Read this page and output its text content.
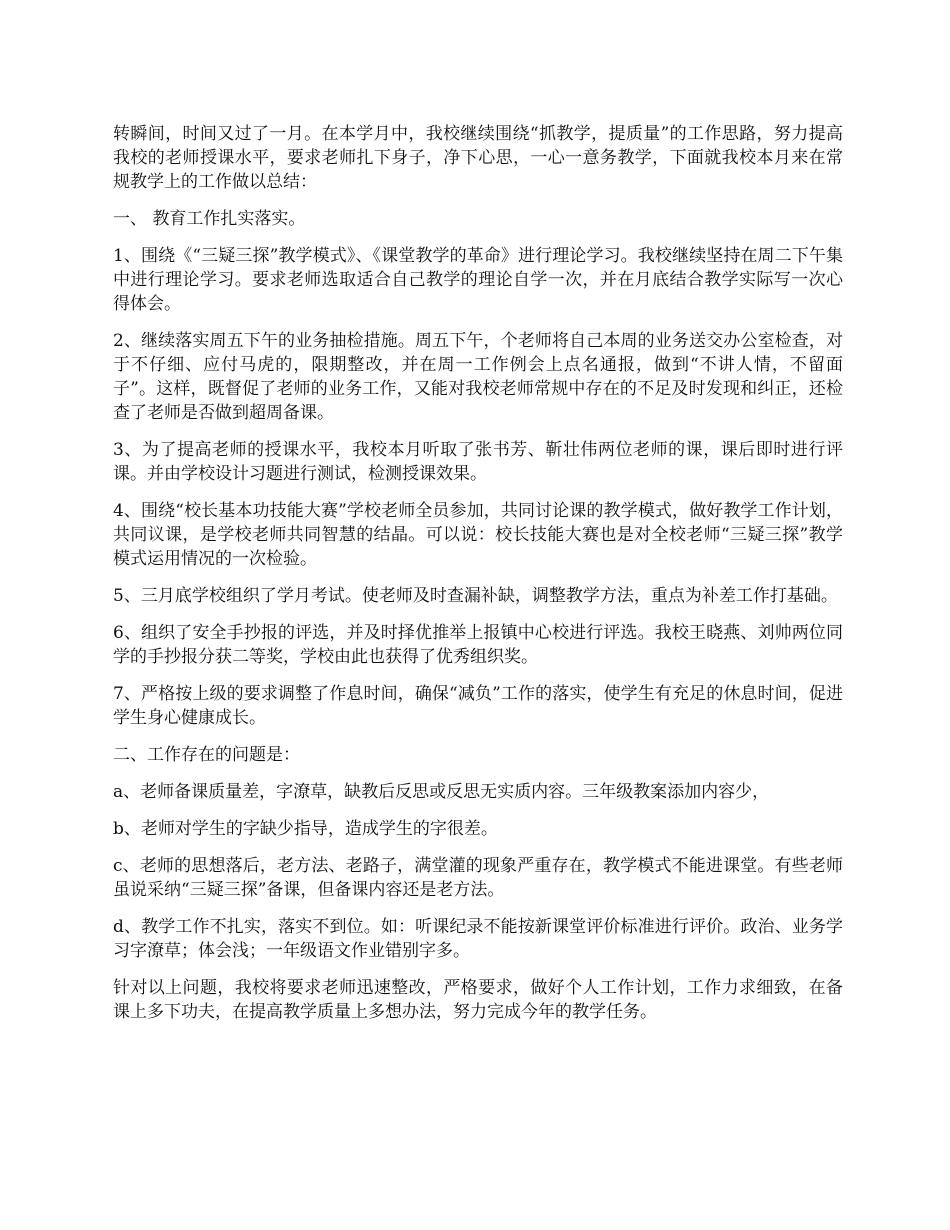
转瞬间，时间又过了一月。在本学月中，我校继续围绕“抓教学，提质量”的工作思路，努力提高我校的老师授课水平，要求老师扎下身子，净下心思，一心一意务教学，下面就我校本月来在常规教学上的工作做以总结：

一、 教育工作扎实落实。

1、围绕《“三疑三探”教学模式》、《课堂教学的革命》进行理论学习。我校继续坚持在周二下午集中进行理论学习。要求老师选取适合自己教学的理论自学一次，并在月底结合教学实际写一次心得体会。

2、继续落实周五下午的业务抽检措施。周五下午，个老师将自己本周的业务送交办公室检查，对于不仔细、应付马虎的，限期整改，并在周一工作例会上点名通报，做到“不讲人情，不留面子”。这样，既督促了老师的业务工作，又能对我校老师常规中存在的不足及时发现和纠正，还检查了老师是否做到超周备课。

3、为了提高老师的授课水平，我校本月听取了张书芳、靳壮伟两位老师的课，课后即时进行评课。并由学校设计习题进行测试，检测授课效果。

4、围绕“校长基本功技能大赛”学校老师全员参加，共同讨论课的教学模式，做好教学工作计划，共同议课，是学校老师共同智慧的结晶。可以说：校长技能大赛也是对全校老师“三疑三探”教学模式运用情况的一次检验。

5、三月底学校组织了学月考试。使老师及时查漏补缺，调整教学方法，重点为补差工作打基础。

6、组织了安全手抄报的评选，并及时择优推举上报镇中心校进行评选。我校王晓燕、刘帅两位同学的手抄报分获二等奖，学校由此也获得了优秀组织奖。

7、严格按上级的要求调整了作息时间，确保“减负”工作的落实，使学生有充足的休息时间，促进学生身心健康成长。

二、工作存在的问题是：

a、老师备课质量差，字潦草，缺教后反思或反思无实质内容。三年级教案添加内容少，

b、老师对学生的字缺少指导，造成学生的字很差。

c、老师的思想落后，老方法、老路子，满堂灌的现象严重存在，教学模式不能进课堂。有些老师虽说采纳“三疑三探”备课，但备课内容还是老方法。

d、教学工作不扎实，落实不到位。如：听课纪录不能按新课堂评价标准进行评价。政治、业务学习字潦草；体会浅；一年级语文作业错别字多。

针对以上问题，我校将要求老师迅速整改，严格要求，做好个人工作计划，工作力求细致，在备课上多下功夫，在提高教学质量上多想办法，努力完成今年的教学任务。
